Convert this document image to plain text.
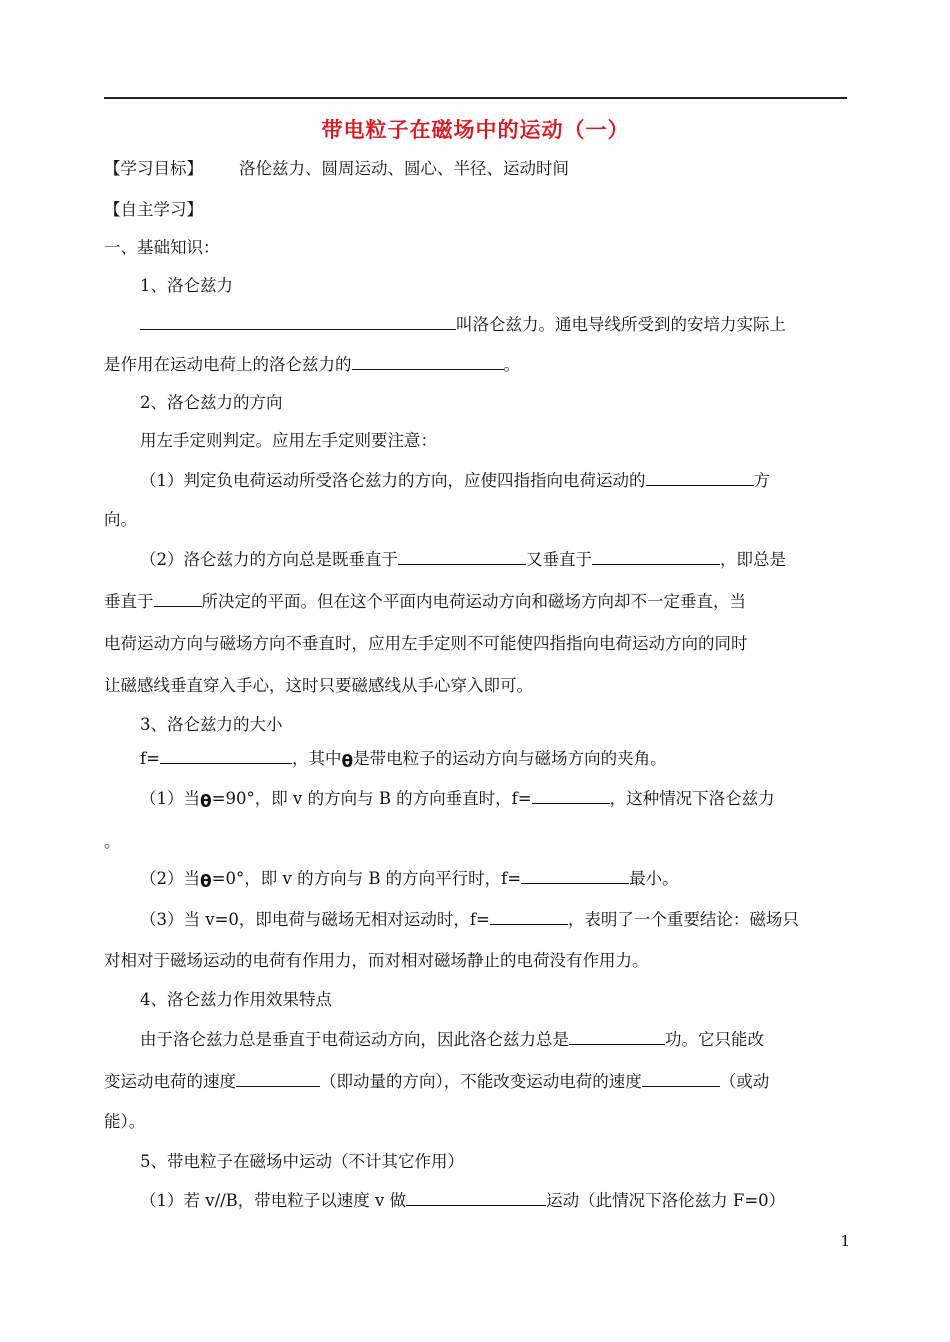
带电粒子在磁场中的运动（一）
【学习目标】 洛伦兹力、圆周运动、圆心、半径、运动时间
【自主学习】
一、基础知识：
1、洛仑兹力
叫洛仑兹力。通电导线所受到的安培力实际上
是作用在运动电荷上的洛仑兹力的	。
2、洛仑兹力的方向
用左手定则判定。应用左手定则要注意：
（1）判定负电荷运动所受洛仑兹力的方向，应使四指指向电荷运动的	方
向。
（2）洛仑兹力的方向总是既垂直于	又垂直于	，即总是
垂直于	所决定的平面。但在这个平面内电荷运动方向和磁场方向却不一定垂直，当
电荷运动方向与磁场方向不垂直时，应用左手定则不可能使四指指向电荷运动方向的同时
让磁感线垂直穿入手心，这时只要磁感线从手心穿入即可。
3、洛仑兹力的大小
f=	，其中θ是带电粒子的运动方向与磁场方向的夹角。
（1）当θ=90°，即 v 的方向与 B 的方向垂直时，f=	，这种情况下洛仑兹力
。
（2）当θ=0°，即 v 的方向与 B 的方向平行时，f=	最小。
（3）当 v=0，即电荷与磁场无相对运动时，f=	，表明了一个重要结论：磁场只
对相对于磁场运动的电荷有作用力，而对相对磁场静止的电荷没有作用力。
4、洛仑兹力作用效果特点
由于洛仑兹力总是垂直于电荷运动方向，因此洛仑兹力总是	功。它只能改
变运动电荷的速度	（即动量的方向），不能改变运动电荷的速度	（或动
能）。
5、带电粒子在磁场中运动（不计其它作用）
（1）若 v//B，带电粒子以速度 v 做	运动（此情况下洛伦兹力 F=0）
1
